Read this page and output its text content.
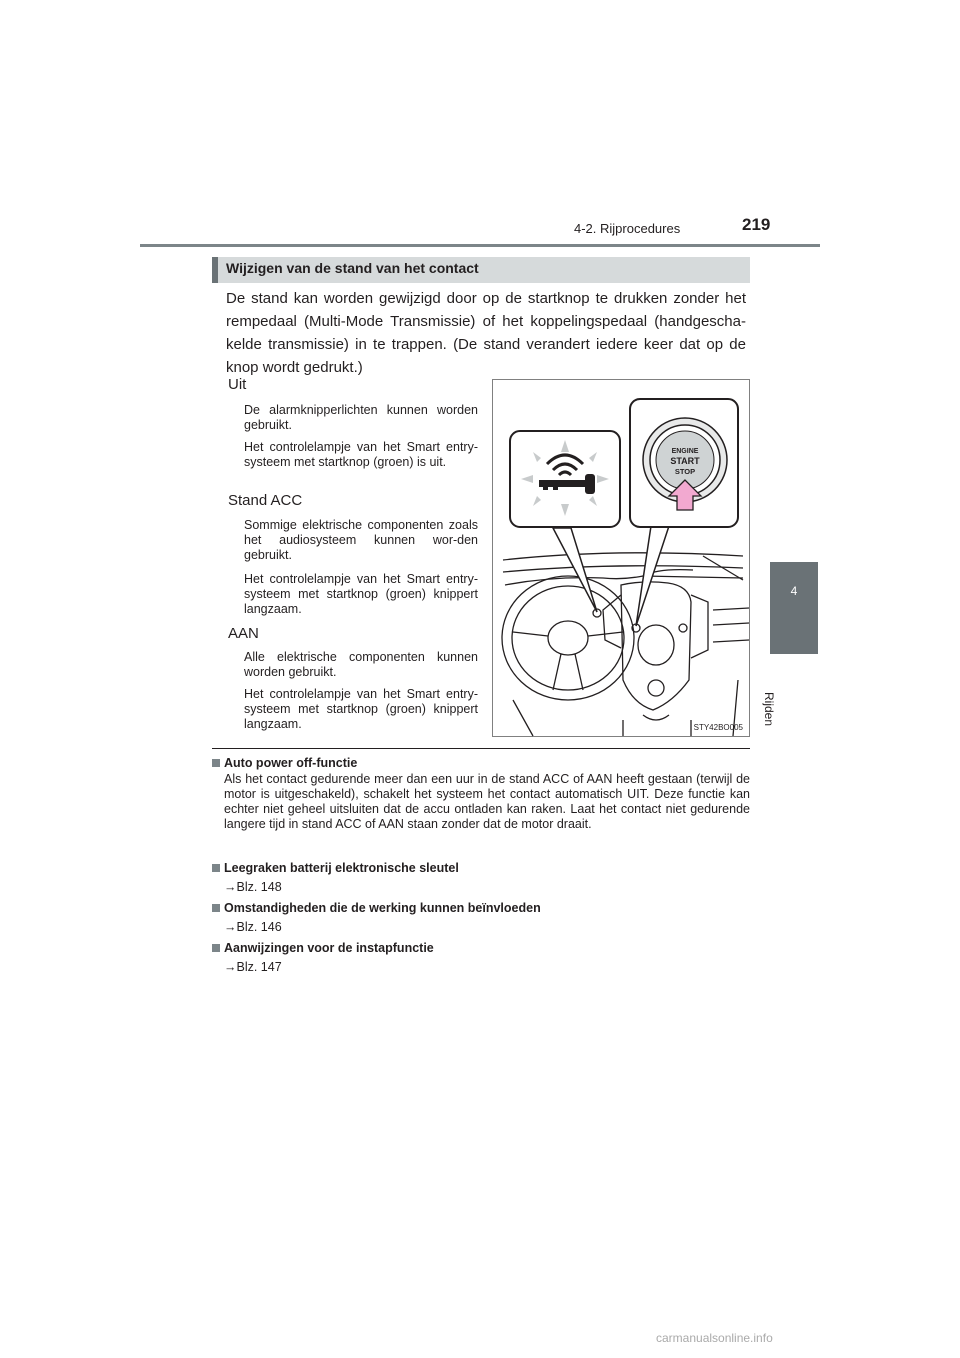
4-2. Rijprocedures	219
4
Rijden
Wijzigen van de stand van het contact
De stand kan worden gewijzigd door op de startknop te drukken zonder het rempedaal (Multi-Mode Transmissie) of het koppelingspedaal (handgescha-kelde transmissie) in te trappen. (De stand verandert iedere keer dat op de knop wordt gedrukt.)
Uit
De alarmknipperlichten kunnen worden gebruikt.
Het controlelampje van het Smart entry-systeem met startknop (groen) is uit.
Stand ACC
Sommige elektrische componenten zoals het audiosysteem kunnen wor-den gebruikt.
Het controlelampje van het Smart entry-systeem met startknop (groen) knippert langzaam.
AAN
Alle elektrische componenten kunnen worden gebruikt.
Het controlelampje van het Smart entry-systeem met startknop (groen) knippert langzaam.
ENGINE
START
STOP
STY42BO005
Auto power off-functie
Als het contact gedurende meer dan een uur in de stand ACC of AAN heeft gestaan (terwijl de motor is uitgeschakeld), schakelt het systeem het contact automatisch UIT. Deze functie kan echter niet geheel uitsluiten dat de accu ontladen kan raken. Laat het contact niet gedurende langere tijd in stand ACC of AAN staan zonder dat de motor draait.
Leegraken batterij elektronische sleutel
→Blz. 148
Omstandigheden die de werking kunnen beïnvloeden
→Blz. 146
Aanwijzingen voor de instapfunctie
→Blz. 147
carmanualsonline.info
